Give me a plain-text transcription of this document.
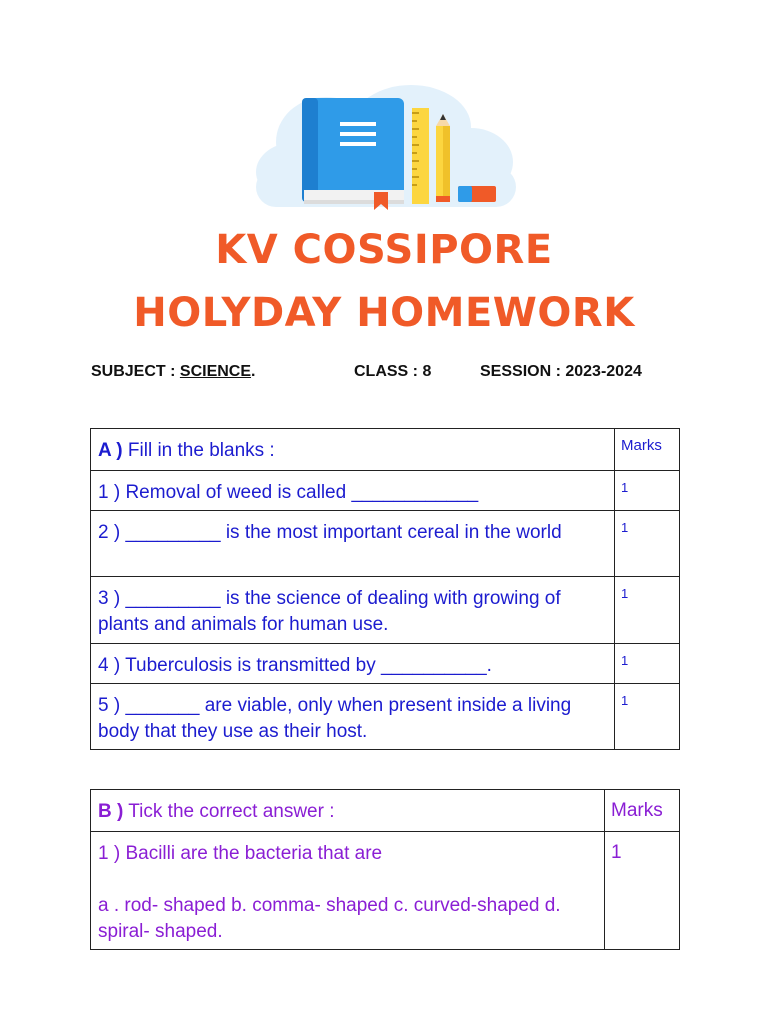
KV COSSIPORE
HOLYDAY HOMEWORK
SUBJECT : SCIENCE.	CLASS : 8	SESSION : 2023-2024
A ) Fill in the blanks :	Marks
1 ) Removal of weed is called ____________	1
2 ) _________ is the most important cereal in the world	1
3 ) _________ is the science of dealing with growing of plants and animals for human use.	1
4 ) Tuberculosis is transmitted by __________.	1
5 ) _______ are viable, only when present inside a living body that they use as their host.	1
B ) Tick the correct answer :	Marks

1 ) Bacilli are the bacteria that are
a . rod- shaped b. comma- shaped c. curved-shaped d. spiral- shaped.	1
